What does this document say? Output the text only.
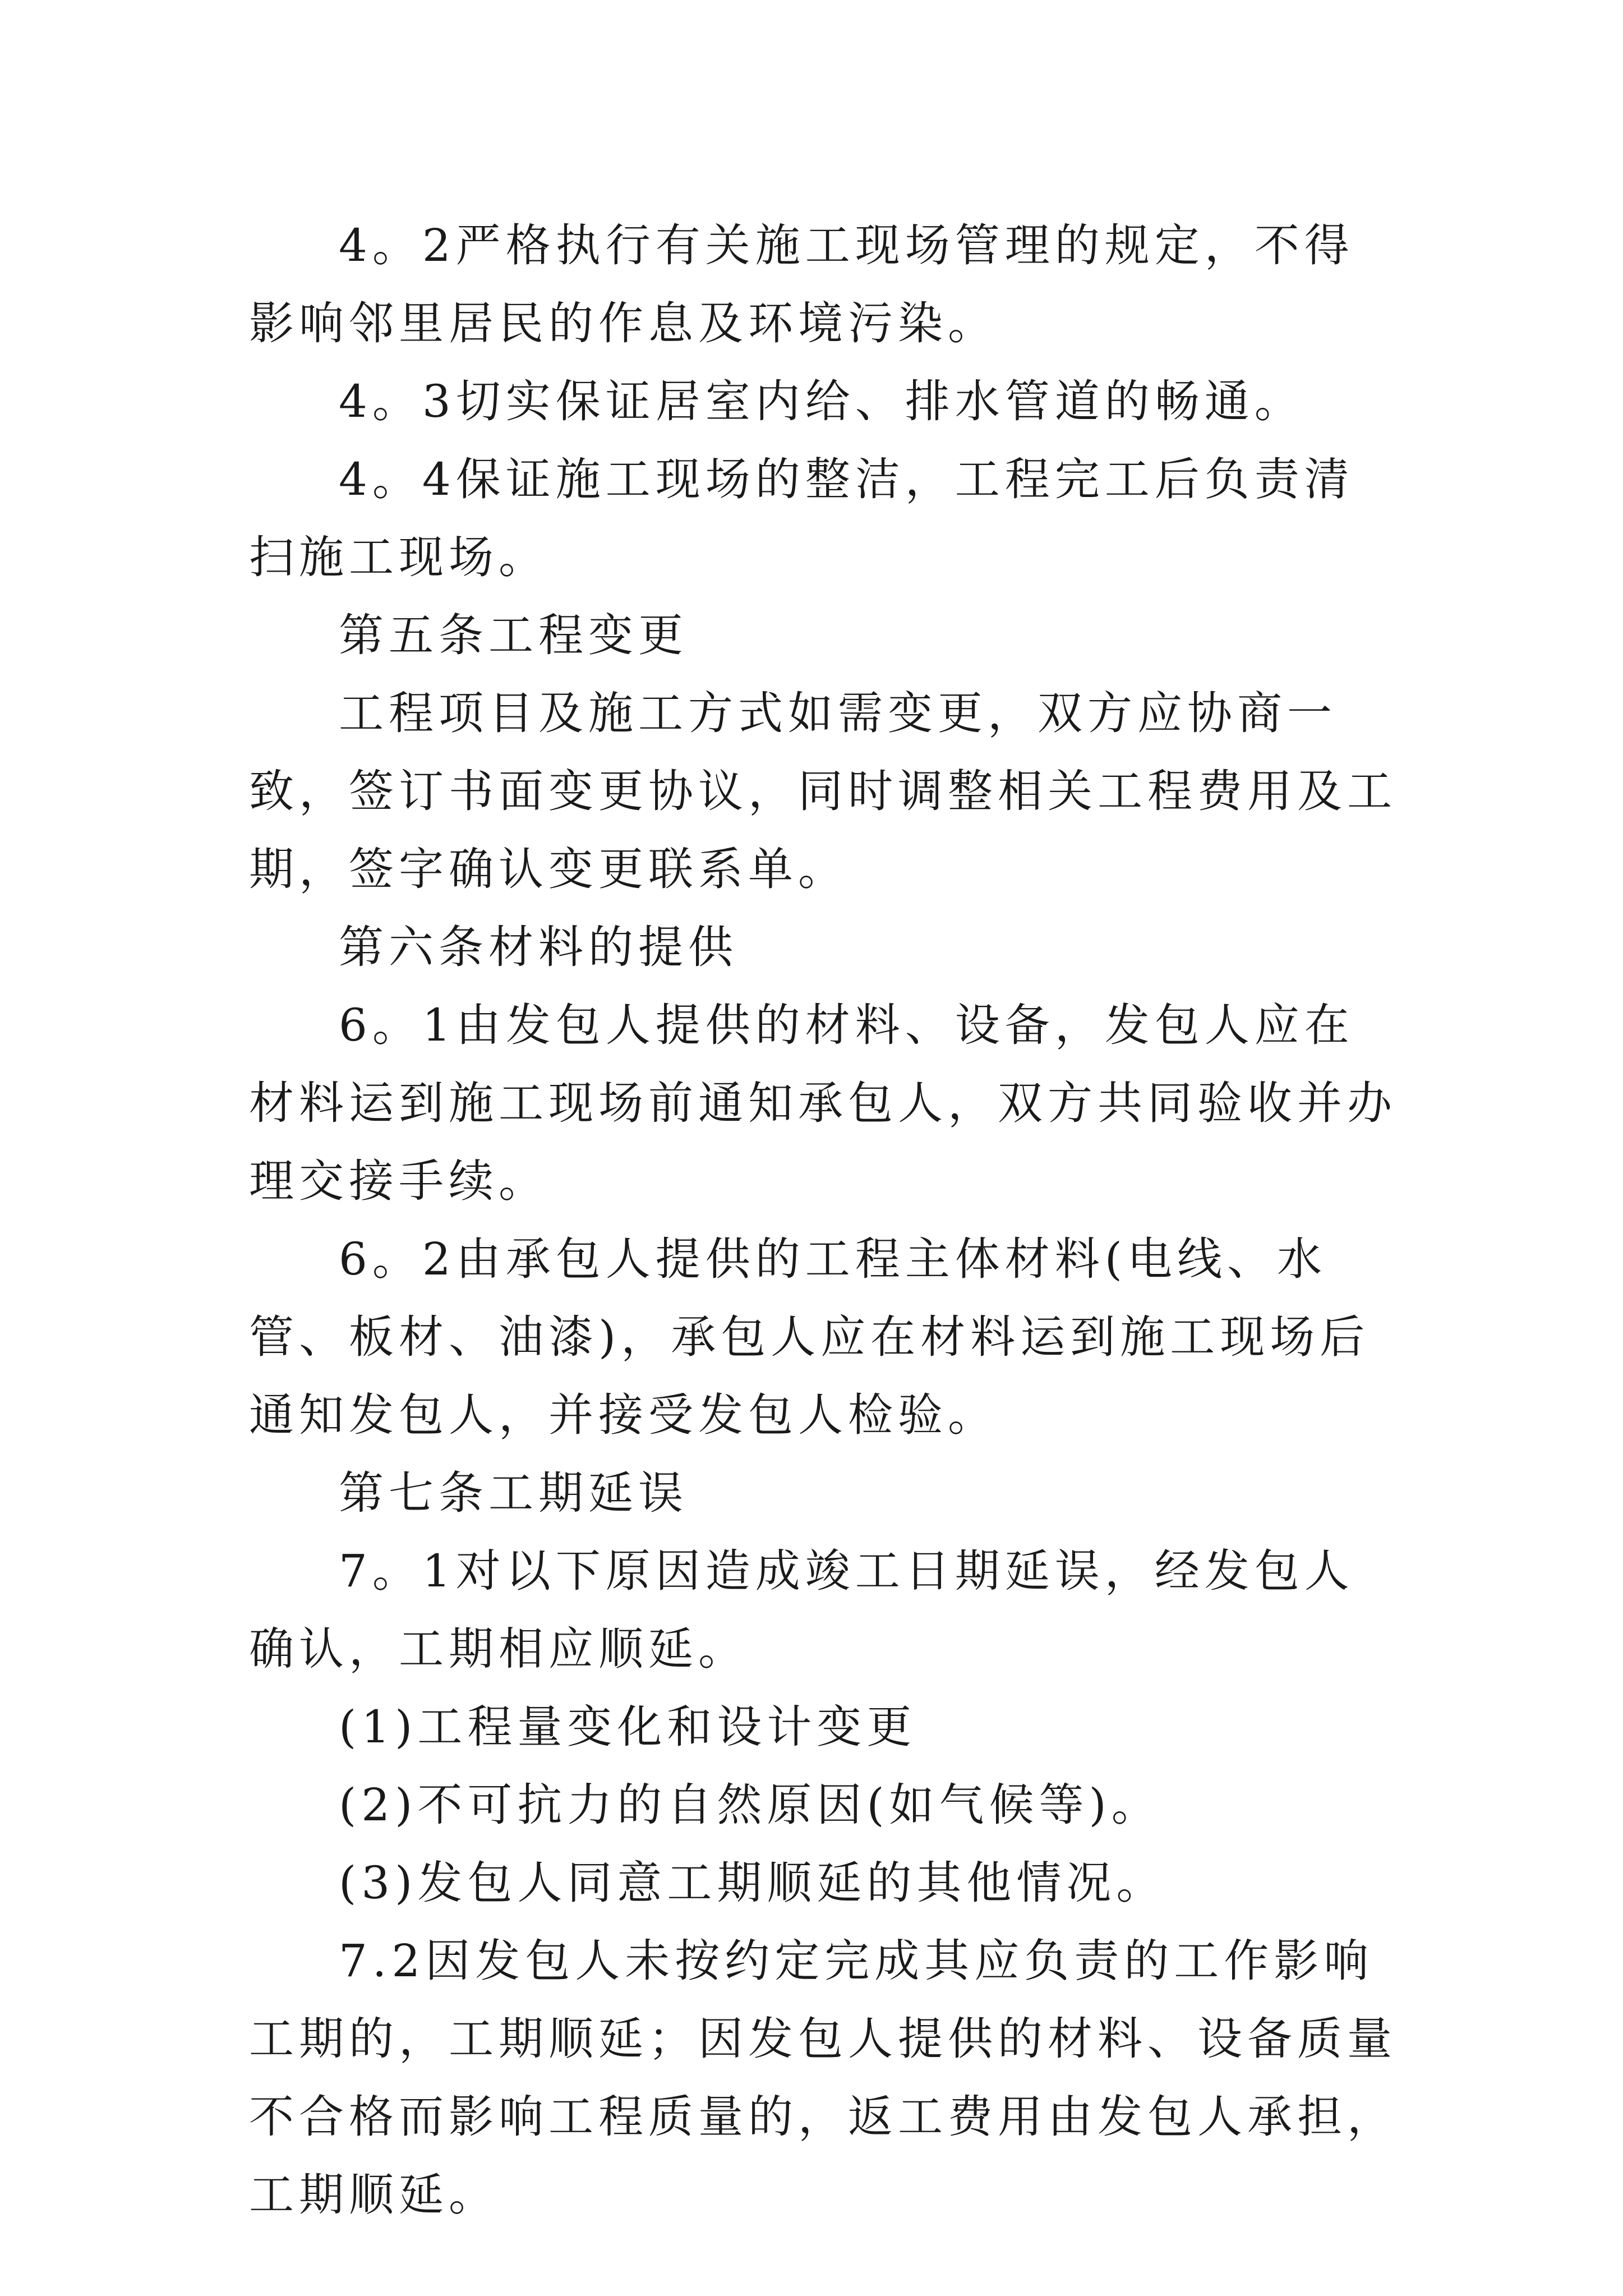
4。2严格执行有关施工现场管理的规定，不得影响邻里居民的作息及环境污染。

4。3切实保证居室内给、排水管道的畅通。

4。4保证施工现场的整洁，工程完工后负责清扫施工现场。

第五条工程变更

工程项目及施工方式如需变更，双方应协商一致，签订书面变更协议，同时调整相关工程费用及工期，签字确认变更联系单。

第六条材料的提供

6。1由发包人提供的材料、设备，发包人应在材料运到施工现场前通知承包人，双方共同验收并办理交接手续。

6。2由承包人提供的工程主体材料(电线、水管、板材、油漆)，承包人应在材料运到施工现场后通知发包人，并接受发包人检验。

第七条工期延误

7。1对以下原因造成竣工日期延误，经发包人确认，工期相应顺延。

(1)工程量变化和设计变更

(2)不可抗力的自然原因(如气候等)。

(3)发包人同意工期顺延的其他情况。

7.2因发包人未按约定完成其应负责的工作影响工期的，工期顺延；因发包人提供的材料、设备质量不合格而影响工程质量的，返工费用由发包人承担，工期顺延。
